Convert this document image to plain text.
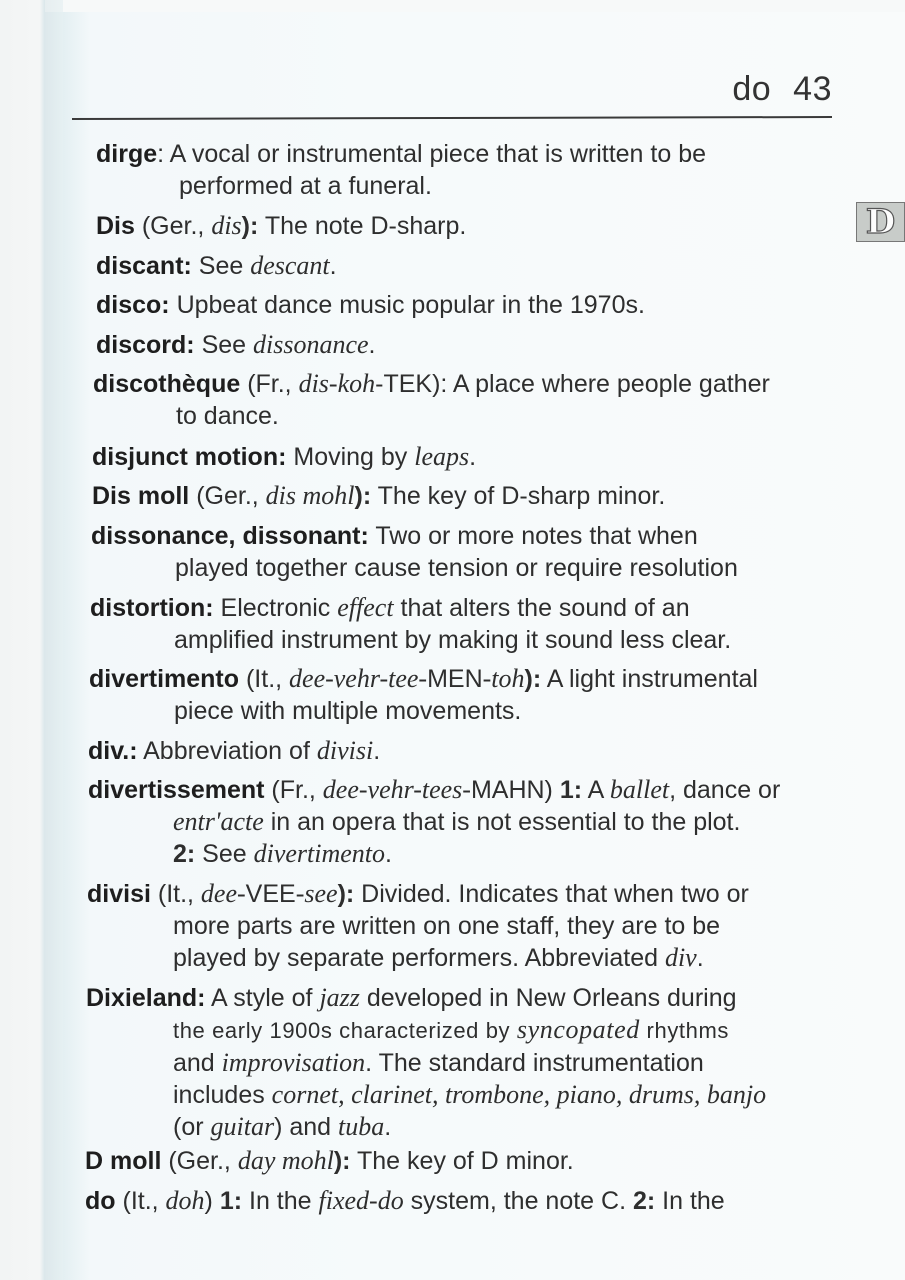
do 43
D
dirge: A vocal or instrumental piece that is written to be
performed at a funeral.
Dis (Ger., dis): The note D-sharp.
discant: See descant.
disco: Upbeat dance music popular in the 1970s.
discord: See dissonance.
discothèque (Fr., dis-koh-TEK): A place where people gather
to dance.
disjunct motion: Moving by leaps.
Dis moll (Ger., dis mohl): The key of D-sharp minor.
dissonance, dissonant: Two or more notes that when
played together cause tension or require resolution
distortion: Electronic effect that alters the sound of an
amplified instrument by making it sound less clear.
divertimento (It., dee-vehr-tee-MEN-toh): A light instrumental
piece with multiple movements.
div.: Abbreviation of divisi.
divertissement (Fr., dee-vehr-tees-MAHN) 1: A ballet, dance or
entr'acte in an opera that is not essential to the plot.
2: See divertimento.
divisi (It., dee-VEE-see): Divided. Indicates that when two or
more parts are written on one staff, they are to be
played by separate performers. Abbreviated div.
Dixieland: A style of jazz developed in New Orleans during
the early 1900s characterized by syncopated rhythms
and improvisation. The standard instrumentation
includes cornet, clarinet, trombone, piano, drums, banjo
(or guitar) and tuba.
D moll (Ger., day mohl): The key of D minor.
do (It., doh) 1: In the fixed-do system, the note C. 2: In the
